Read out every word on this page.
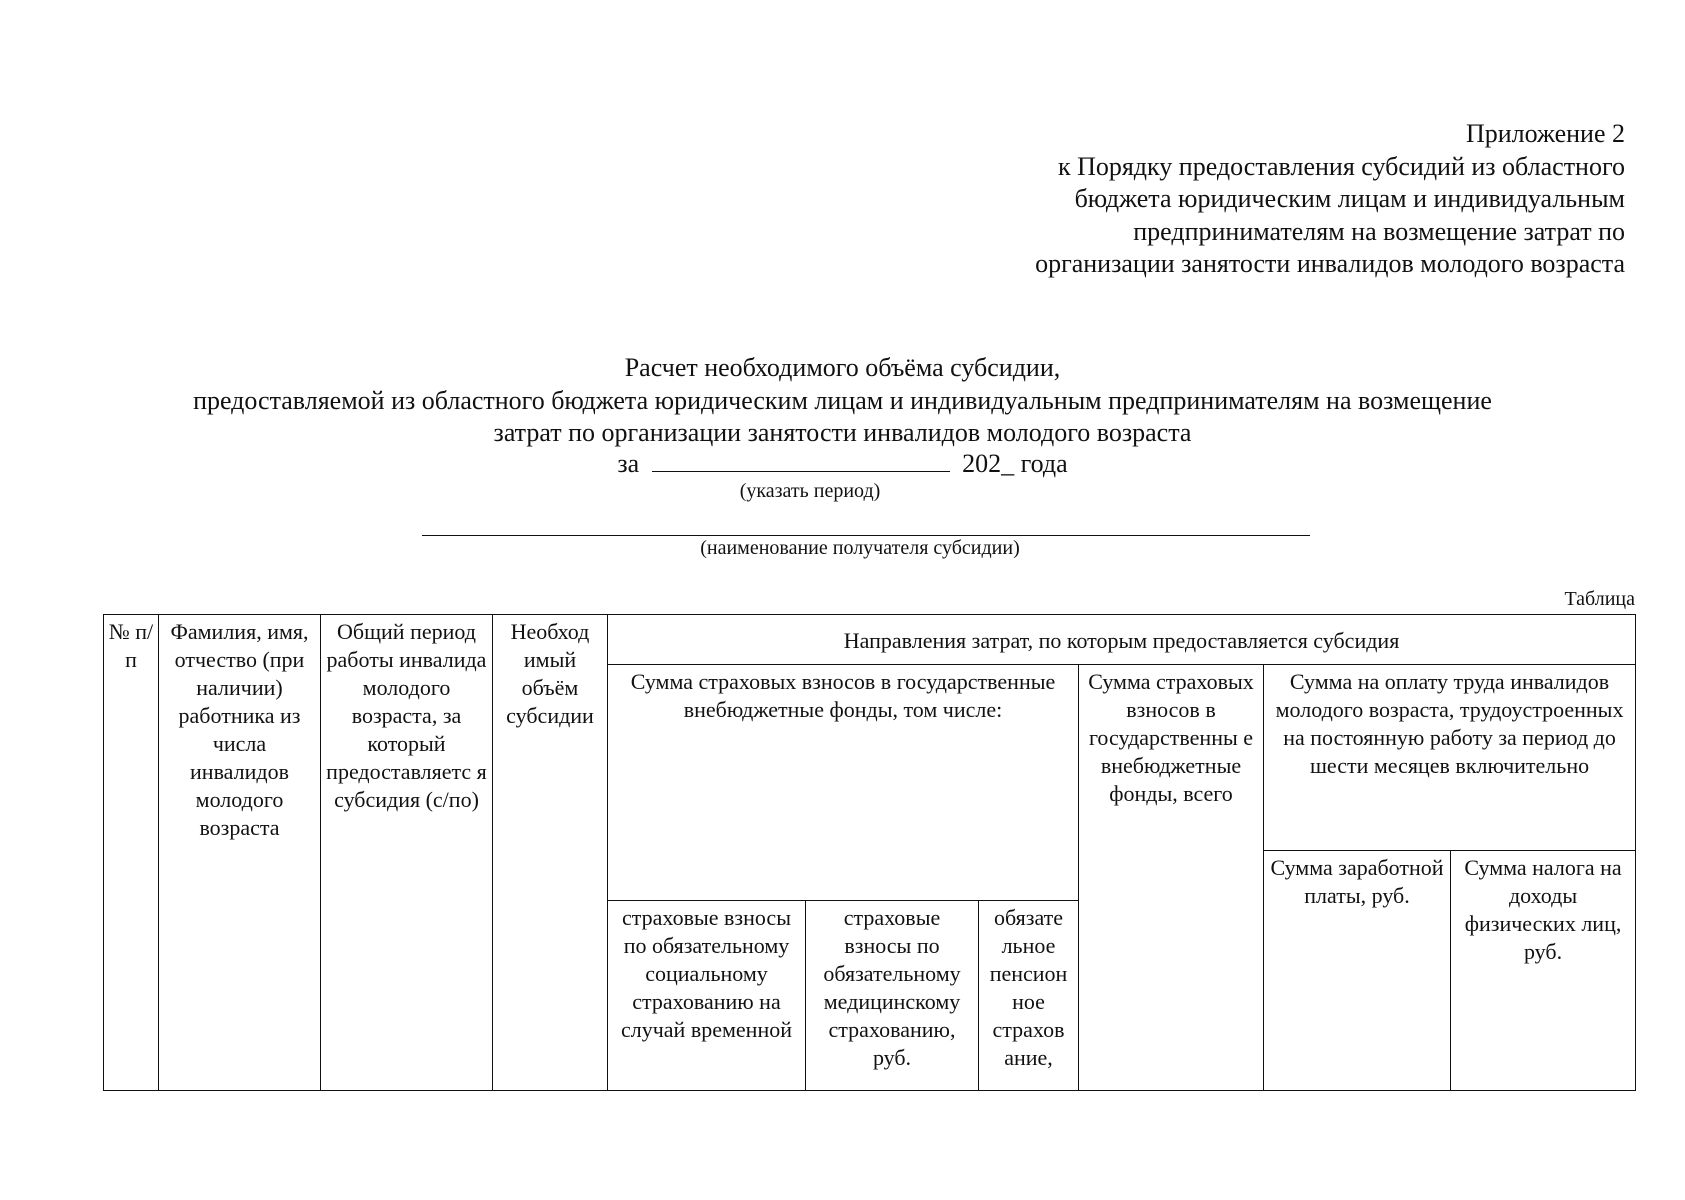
Приложение 2
к Порядку предоставления субсидий из областного
бюджета юридическим лицам и индивидуальным
предпринимателям на возмещение затрат по
организации занятости инвалидов молодого возраста
Расчет необходимого объёма субсидии,
предоставляемой из областного бюджета юридическим лицам и индивидуальным предпринимателям на возмещение
затрат по организации занятости инвалидов молодого возраста
за	202_ года
(указать период)
(наименование получателя субсидии)
Таблица
№ п/п	Фамилия, имя, отчество (при наличии) работника из числа инвалидов молодого возраста	Общий период работы инвалида молодого возраста, за который предоставляетс я субсидия (с/по)	Необход имый объём субсидии	Направления затрат, по которым предоставляется субсидия					
				Сумма страховых взносов в государственные внебюджетные фонды, том числе:			Сумма страховых взносов в государственны е внебюджетные фонды, всего	Сумма на оплату труда инвалидов молодого возраста, трудоустроенных на постоянную работу за период до шести месяцев включительно	
								Сумма заработной платы, руб.	Сумма налога на доходы физических лиц, руб.
				страховые взносы по обязательному социальному страхованию на случай временной	страховые взносы по обязательному медицинскому страхованию, руб.	обязате льное пенсион ное страхов ание,			
